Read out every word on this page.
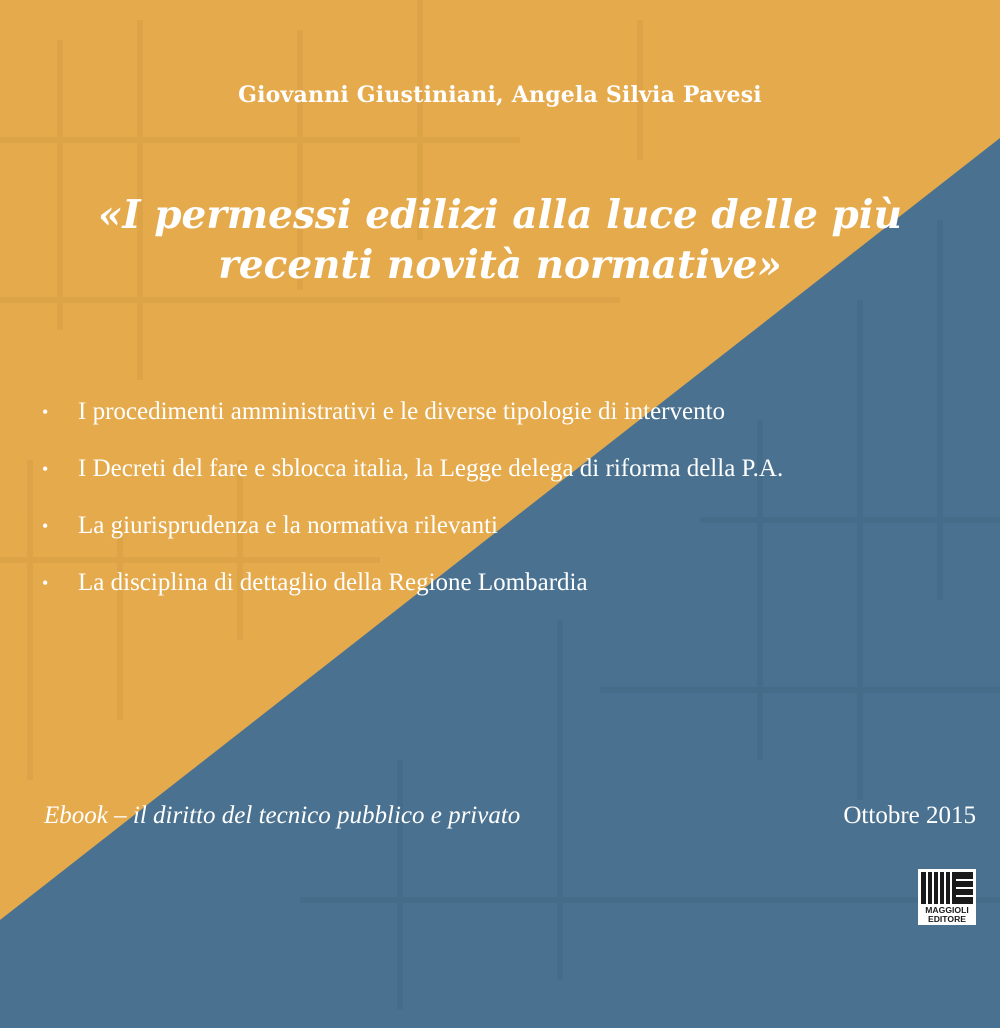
Giovanni Giustiniani, Angela Silvia Pavesi
«I permessi edilizi alla luce delle più recenti novità normative»
• I procedimenti amministrativi e le diverse tipologie di intervento
• I Decreti del fare e sblocca italia, la Legge delega di riforma della P.A.
• La giurisprudenza e la normativa rilevanti
• La disciplina di dettaglio della Regione Lombardia
Ebook – il diritto del tecnico pubblico e privato	Ottobre 2015
MAGGIOLI
EDITORE
